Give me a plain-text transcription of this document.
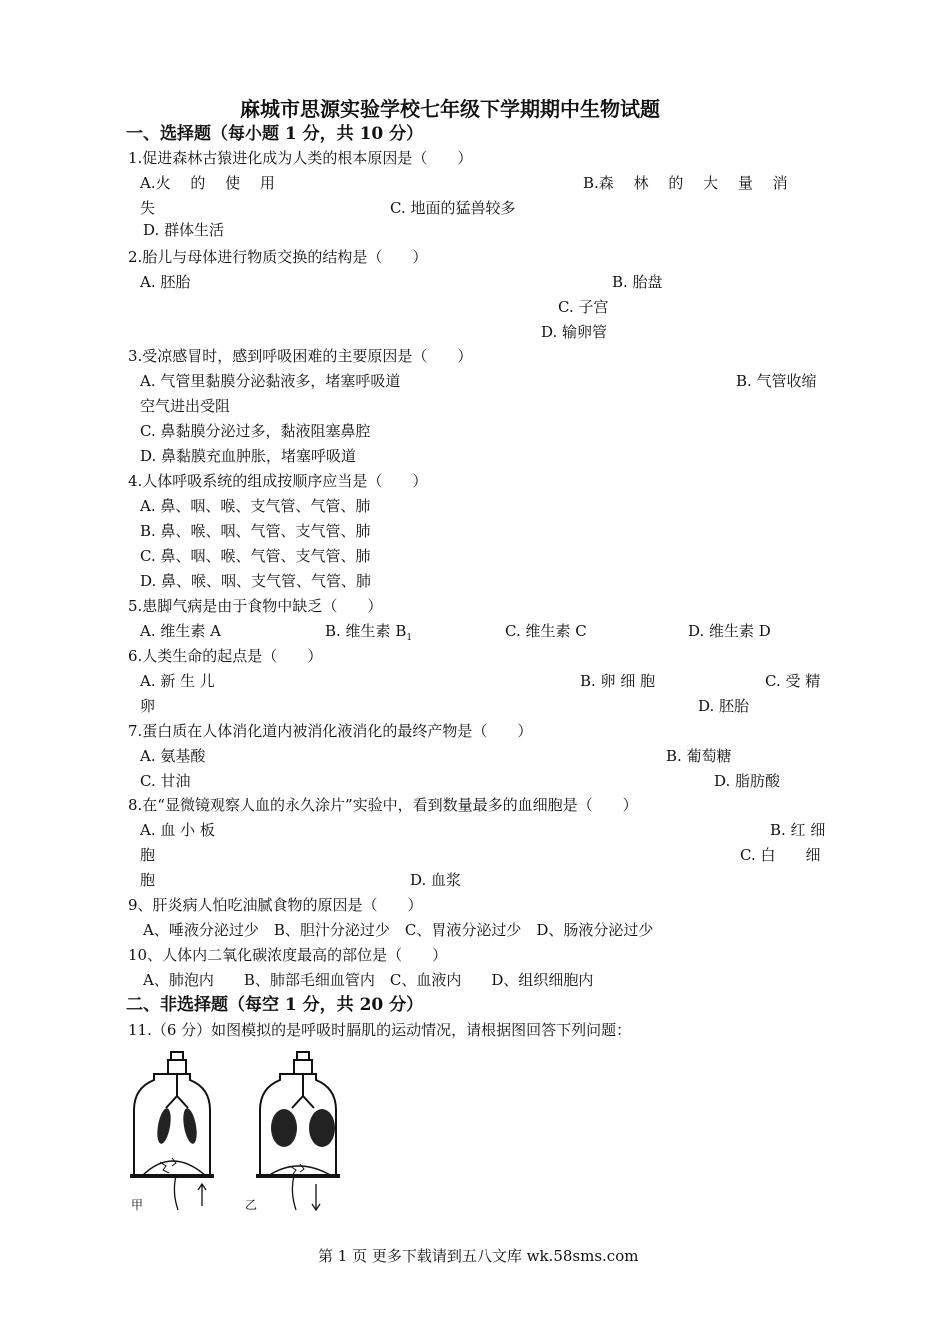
麻城市思源实验学校七年级下学期期中生物试题
一、选择题（每小题 1 分，共 10 分）
1.促进森林古猿进化成为人类的根本原因是（　　）
A.火　 的　 使　 用	B.森　 林　 的　 大　 量　 消
失	C. 地面的猛兽较多
D. 群体生活
2.胎儿与母体进行物质交换的结构是（　　）
A. 胚胎	B. 胎盘
C. 子宫
D. 输卵管
3.受凉感冒时，感到呼吸困难的主要原因是（　　）
A. 气管里黏膜分泌黏液多，堵塞呼吸道	B. 气管收缩
空气进出受阻
C. 鼻黏膜分泌过多，黏液阻塞鼻腔
D. 鼻黏膜充血肿胀，堵塞呼吸道
4.人体呼吸系统的组成按顺序应当是（　　）
A. 鼻、咽、喉、支气管、气管、肺
B. 鼻、喉、咽、气管、支气管、肺
C. 鼻、咽、喉、气管、支气管、肺
D. 鼻、喉、咽、支气管、气管、肺
5.患脚气病是由于食物中缺乏（　　）
A. 维生素 A	B. 维生素 $B_1$	C. 维生素 C	D. 维生素 D
6.人类生命的起点是（　　）
A. 新 生 儿	B. 卵 细 胞	C. 受 精
卵	D. 胚胎
7.蛋白质在人体消化道内被消化液消化的最终产物是（　　）
A. 氨基酸	B. 葡萄糖
C. 甘油	D. 脂肪酸
8.在“显微镜观察人血的永久涂片”实验中，看到数量最多的血细胞是（　　）
A. 血 小 板	B. 红 细
胞	C. 白　　细
胞	D. 血浆
9、肝炎病人怕吃油腻食物的原因是（　　）
A、唾液分泌过少　B、胆汁分泌过少　C、胃液分泌过少　D、肠液分泌过少
10、人体内二氧化碳浓度最高的部位是（　　）
A、肺泡内　　B、肺部毛细血管内　C、血液内　　D、组织细胞内
二、非选择题（每空 1 分，共 20 分）
11.（6 分）如图模拟的是呼吸时膈肌的运动情况，请根据图回答下列问题：
甲	乙
第 1 页 更多下载请到五八文库 wk.58sms.com
